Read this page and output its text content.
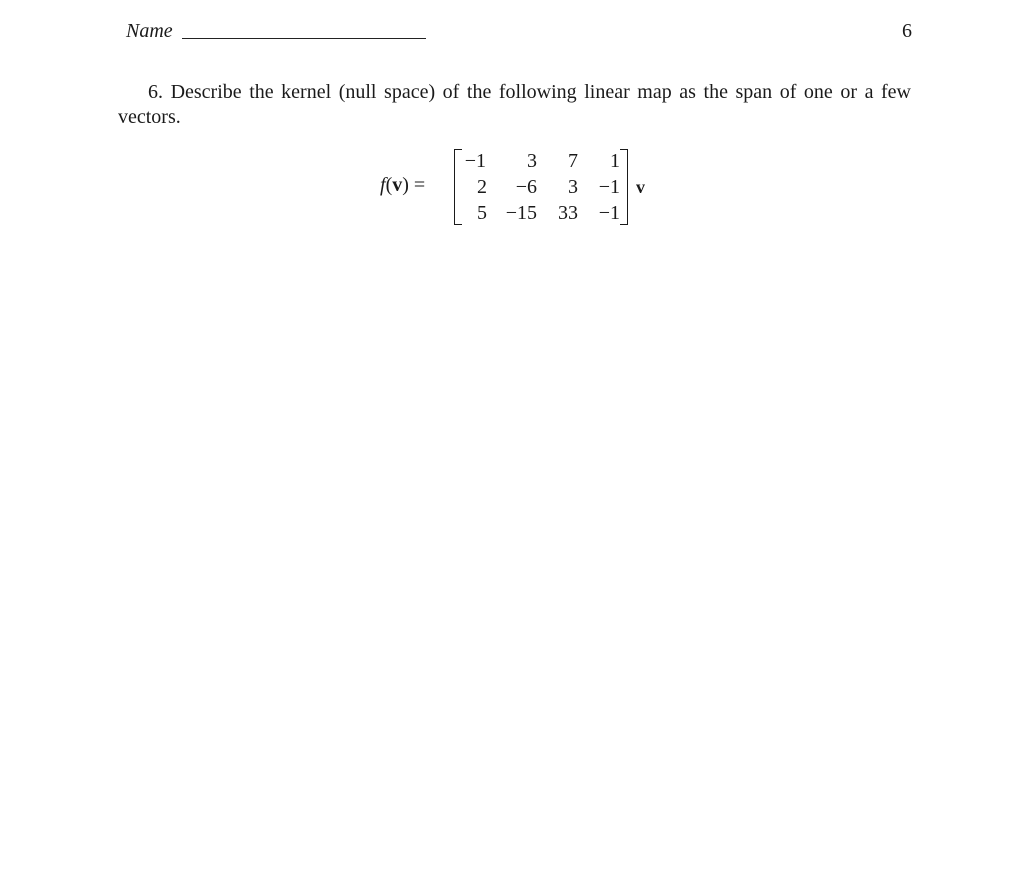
Name	6
6. Describe the kernel (null space) of the following linear map as the span of one or a few vectors.
f(v) =
−1 3 7 1
2 −6 3 −1
5 −15 33 −1
v
